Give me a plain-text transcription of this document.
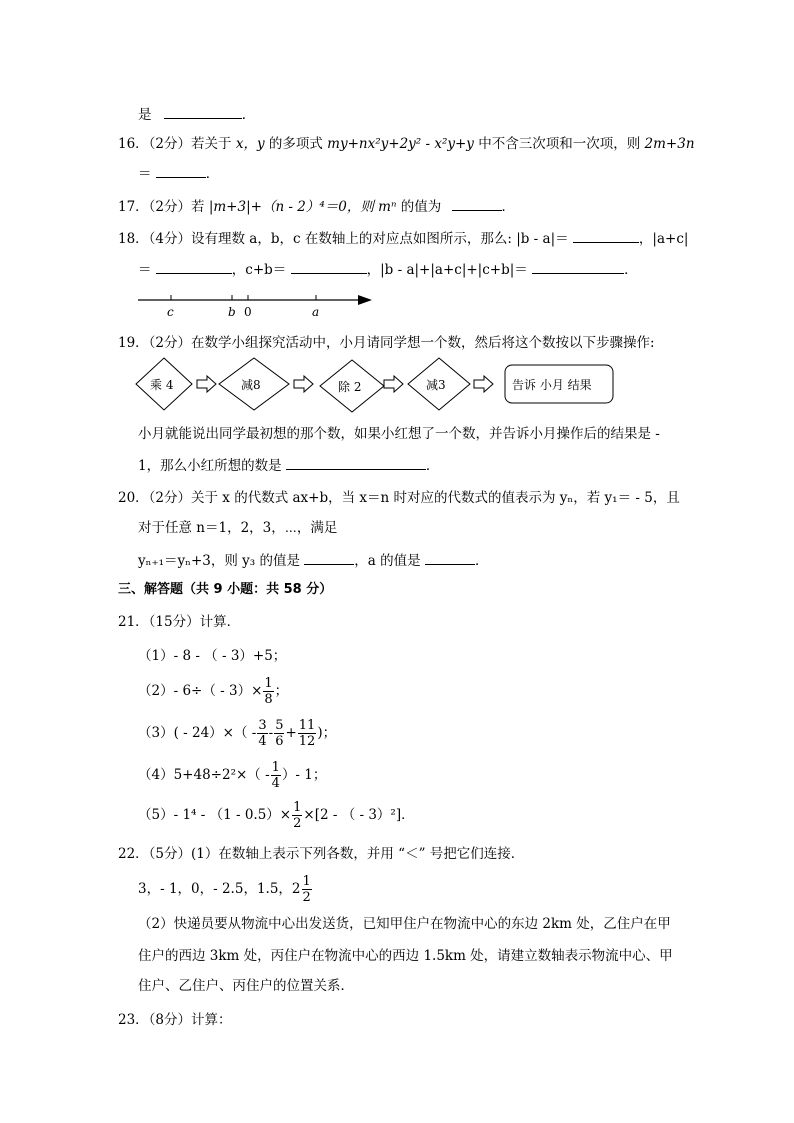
是	．
16．（2分）若关于 x，y 的多项式 my+nx²y+2y² - x²y+y 中不含三次项和一次项，则 2m+3n
＝	．
17．（2分）若 |m+3|+（n - 2）⁴＝0，则 mⁿ 的值为	．
18．（4分）设有理数 a，b，c 在数轴上的对应点如图所示，那么: |b - a|＝	，|a+c|
＝	，c+b＝	，|b - a|+|a+c|+|c+b|＝	．
c	b 0	a
19．（2分）在数学小组探究活动中，小月请同学想一个数，然后将这个数按以下步骤操作:
乘 4	减8	除 2	减3	告诉 小月 结果
小月就能说出同学最初想的那个数，如果小红想了一个数，并告诉小月操作后的结果是 -
1，那么小红所想的数是	．
20．（2分）关于 x 的代数式 ax+b，当 x＝n 时对应的代数式的值表示为 yₙ，若 y₁＝ - 5，且
对于任意 n＝1，2，3，⋯，满足
yₙ₊₁＝yₙ+3，则 y₃ 的值是	，a 的值是	．
三、解答题（共 9 小题：共 58 分）
21．（15分）计算．
（1）- 8 - （ - 3）+5；
（2）- $6\div( - 3)\times \frac{1}{8}$ ；
$(3)( - 24)\times( - \frac{3}{4} - \frac{5}{6} + \frac{11}{12}$ )；
$(4)5+48\div 2^2\times( - \frac{1}{4}$ ）- 1；
（5）- $1^4 - (1 - 0.5)\times \frac{1}{2} \times[2$ - （ - 3）²]．
22．（5分）(1）在数轴上表示下列各数，并用 “＜” 号把它们连接．
3，- 1，0，- 2.5，1.5，$2 \frac{1}{2}$
（2）快递员要从物流中心出发送货，已知甲住户在物流中心的东边 2km 处，乙住户在甲
住户的西边 3km 处，丙住户在物流中心的西边 1.5km 处，请建立数轴表示物流中心、甲
住户、乙住户、丙住户的位置关系．
23．（8分）计算：
